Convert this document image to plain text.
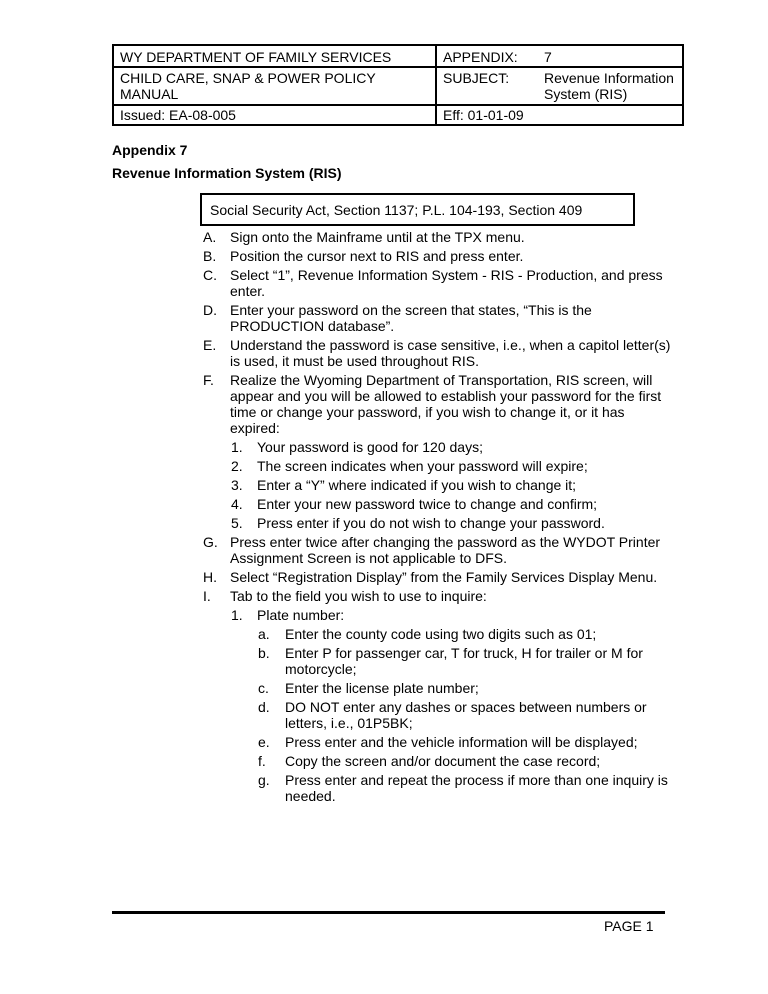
WY DEPARTMENT OF FAMILY SERVICES
CHILD CARE, SNAP & POWER POLICY MANUAL
Issued: EA-08-005
APPENDIX: 7
SUBJECT: Revenue Information System (RIS)
Eff: 01-01-09
Appendix 7
Revenue Information System (RIS)
Social Security Act, Section 1137; P.L. 104-193, Section 409
A. Sign onto the Mainframe until at the TPX menu.
B. Position the cursor next to RIS and press enter.
C. Select “1”, Revenue Information System - RIS - Production, and press enter.
D. Enter your password on the screen that states, “This is the PRODUCTION database”.
E. Understand the password is case sensitive, i.e., when a capitol letter(s) is used, it must be used throughout RIS.
F. Realize the Wyoming Department of Transportation, RIS screen, will appear and you will be allowed to establish your password for the first time or change your password, if you wish to change it, or it has expired:
1. Your password is good for 120 days;
2. The screen indicates when your password will expire;
3. Enter a “Y” where indicated if you wish to change it;
4. Enter your new password twice to change and confirm;
5. Press enter if you do not wish to change your password.
G. Press enter twice after changing the password as the WYDOT Printer Assignment Screen is not applicable to DFS.
H. Select “Registration Display” from the Family Services Display Menu.
I. Tab to the field you wish to use to inquire:
1. Plate number:
a. Enter the county code using two digits such as 01;
b. Enter P for passenger car, T for truck, H for trailer or M for motorcycle;
c. Enter the license plate number;
d. DO NOT enter any dashes or spaces between numbers or letters, i.e., 01P5BK;
e. Press enter and the vehicle information will be displayed;
f. Copy the screen and/or document the case record;
g. Press enter and repeat the process if more than one inquiry is needed.
PAGE 1
